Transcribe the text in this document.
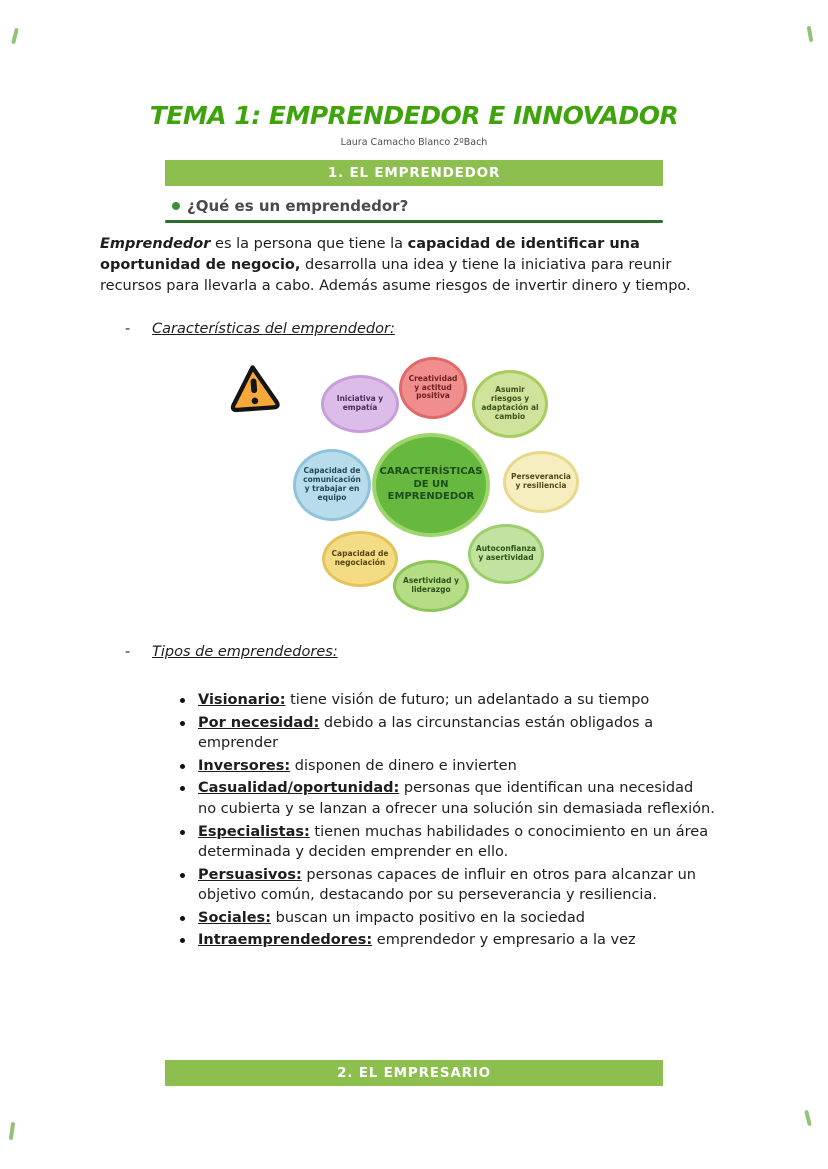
TEMA 1: EMPRENDEDOR E INNOVADOR
Laura Camacho Blanco 2ºBach
1. EL EMPRENDEDOR
¿Qué es un emprendedor?

Emprendedor es la persona que tiene la capacidad de identificar una oportunidad de negocio, desarrolla una idea y tiene la iniciativa para reunir recursos para llevarla a cabo. Además asume riesgos de invertir dinero y tiempo.

-	Características del emprendedor:
Creatividad y actitud positiva
Iniciativa y empatía
Asumir riesgos y adaptación al cambio
Capacidad de comunicación y trabajar en equipo
Perseverancia y resiliencia
Capacidad de negociación
Autoconfianza y asertividad
Asertividad y liderazgo
CARACTERÍSTICAS DE UN EMPRENDEDOR
-	Tipos de emprendedores:
Visionario: tiene visión de futuro; un adelantado a su tiempo
Por necesidad: debido a las circunstancias están obligados a emprender
Inversores: disponen de dinero e invierten
Casualidad/oportunidad: personas que identifican una necesidad no cubierta y se lanzan a ofrecer una solución sin demasiada reflexión.
Especialistas: tienen muchas habilidades o conocimiento en un área determinada y deciden emprender en ello.
Persuasivos: personas capaces de influir en otros para alcanzar un objetivo común, destacando por su perseverancia y resiliencia.
Sociales: buscan un impacto positivo en la sociedad
Intraemprendedores: emprendedor y empresario a la vez
2. EL EMPRESARIO
